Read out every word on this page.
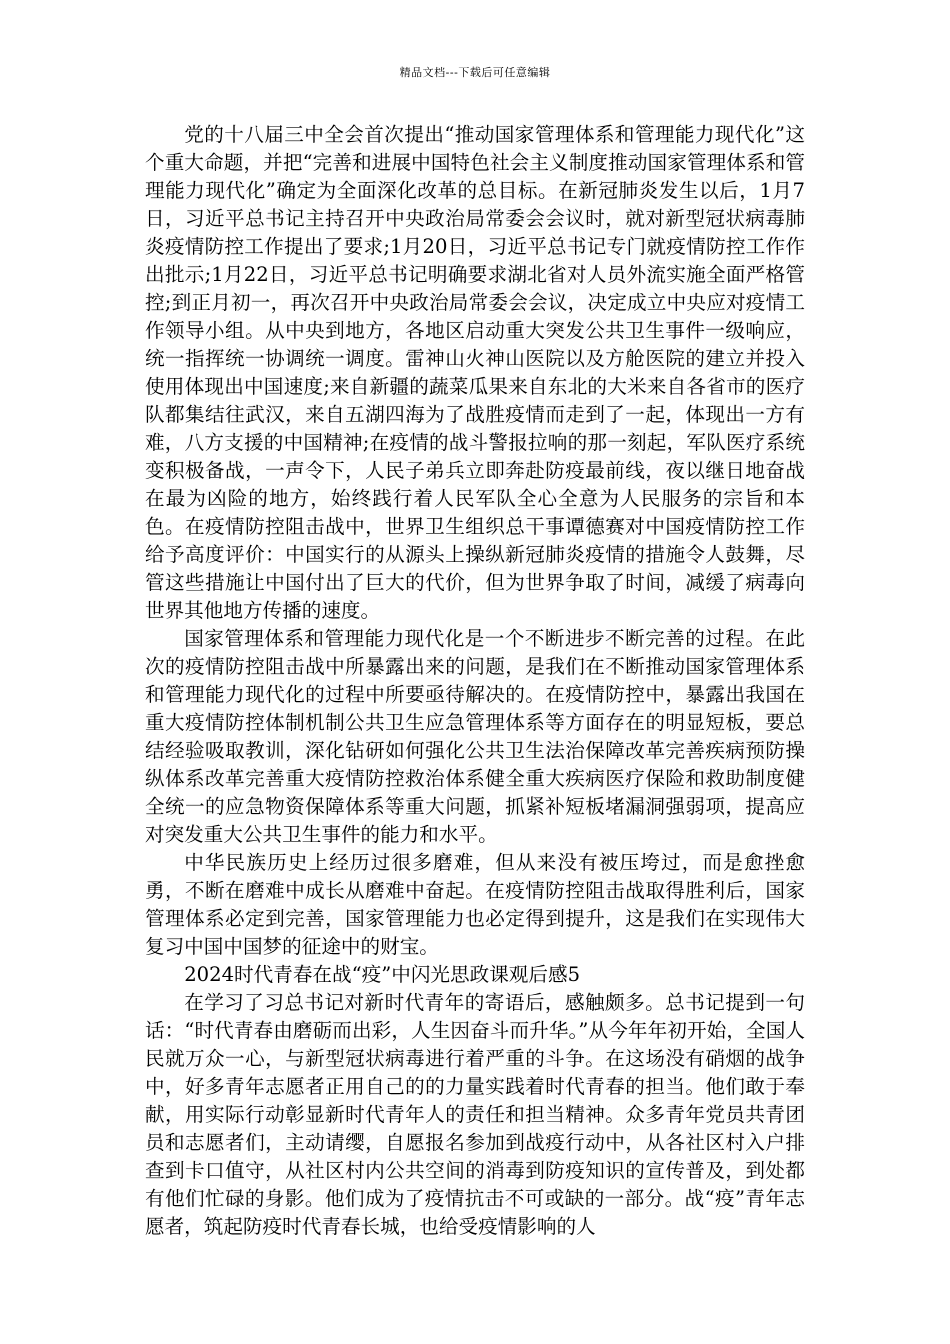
精品文档---下载后可任意编辑

党的十八届三中全会首次提出“推动国家管理体系和管理能力现代化”这个重大命题，并把“完善和进展中国特色社会主义制度推动国家管理体系和管理能力现代化”确定为全面深化改革的总目标。在新冠肺炎发生以后，1月7日，习近平总书记主持召开中央政治局常委会会议时，就对新型冠状病毒肺炎疫情防控工作提出了要求;1月20日，习近平总书记专门就疫情防控工作作出批示;1月22日，习近平总书记明确要求湖北省对人员外流实施全面严格管控;到正月初一，再次召开中央政治局常委会会议，决定成立中央应对疫情工作领导小组。从中央到地方，各地区启动重大突发公共卫生事件一级响应，统一指挥统一协调统一调度。雷神山火神山医院以及方舱医院的建立并投入使用体现出中国速度;来自新疆的蔬菜瓜果来自东北的大米来自各省市的医疗队都集结往武汉，来自五湖四海为了战胜疫情而走到了一起，体现出一方有难，八方支援的中国精神;在疫情的战斗警报拉响的那一刻起，军队医疗系统变积极备战，一声令下，人民子弟兵立即奔赴防疫最前线，夜以继日地奋战在最为凶险的地方，始终践行着人民军队全心全意为人民服务的宗旨和本色。在疫情防控阻击战中，世界卫生组织总干事谭德赛对中国疫情防控工作给予高度评价：中国实行的从源头上操纵新冠肺炎疫情的措施令人鼓舞，尽管这些措施让中国付出了巨大的代价，但为世界争取了时间，减缓了病毒向世界其他地方传播的速度。

国家管理体系和管理能力现代化是一个不断进步不断完善的过程。在此次的疫情防控阻击战中所暴露出来的问题，是我们在不断推动国家管理体系和管理能力现代化的过程中所要亟待解决的。在疫情防控中，暴露出我国在重大疫情防控体制机制公共卫生应急管理体系等方面存在的明显短板，要总结经验吸取教训，深化钻研如何强化公共卫生法治保障改革完善疾病预防操纵体系改革完善重大疫情防控救治体系健全重大疾病医疗保险和救助制度健全统一的应急物资保障体系等重大问题，抓紧补短板堵漏洞强弱项，提高应对突发重大公共卫生事件的能力和水平。

中华民族历史上经历过很多磨难，但从来没有被压垮过，而是愈挫愈勇，不断在磨难中成长从磨难中奋起。在疫情防控阻击战取得胜利后，国家管理体系必定到完善，国家管理能力也必定得到提升，这是我们在实现伟大复习中国中国梦的征途中的财宝。

2024时代青春在战“疫”中闪光思政课观后感5

在学习了习总书记对新时代青年的寄语后，感触颇多。总书记提到一句话：“时代青春由磨砺而出彩，人生因奋斗而升华。”从今年年初开始，全国人民就万众一心，与新型冠状病毒进行着严重的斗争。在这场没有硝烟的战争中，好多青年志愿者正用自己的的力量实践着时代青春的担当。他们敢于奉献，用实际行动彰显新时代青年人的责任和担当精神。众多青年党员共青团员和志愿者们，主动请缨，自愿报名参加到战疫行动中，从各社区村入户排查到卡口值守，从社区村内公共空间的消毒到防疫知识的宣传普及，到处都有他们忙碌的身影。他们成为了疫情抗击不可或缺的一部分。战“疫”青年志愿者，筑起防疫时代青春长城，也给受疫情影响的人
